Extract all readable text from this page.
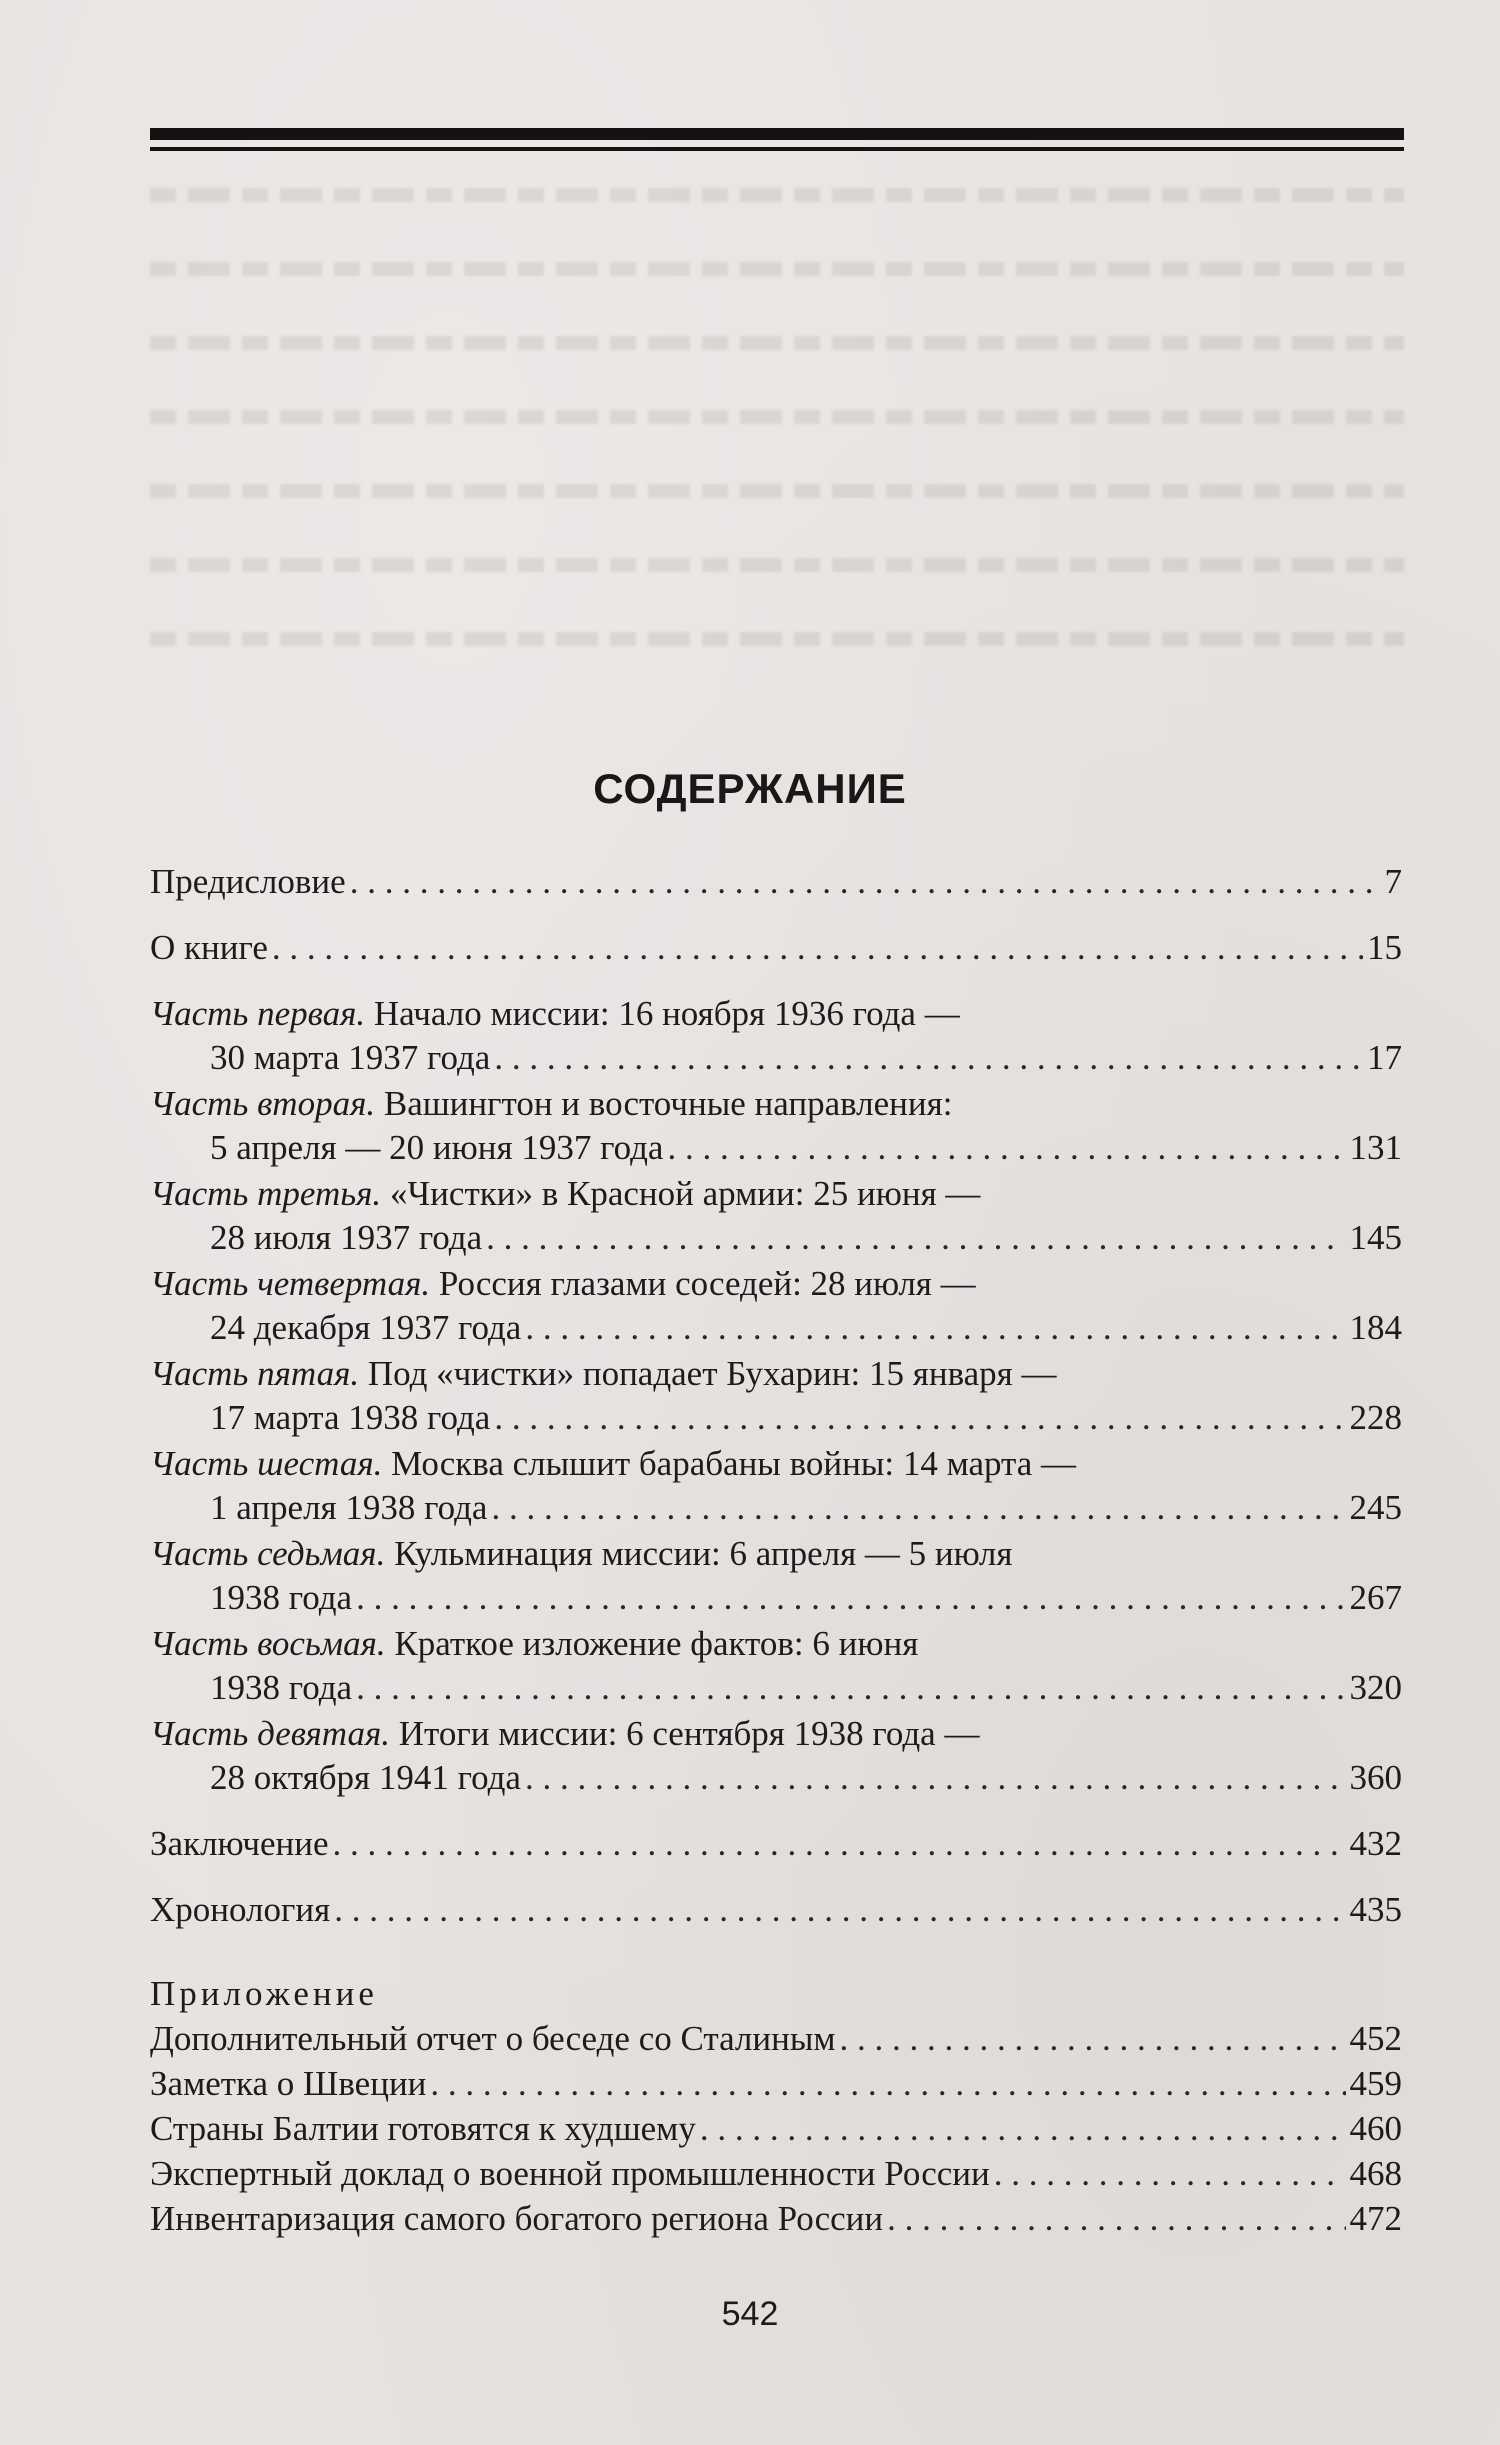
СОДЕРЖАНИЕ
Предисловие . . .	7
О книге . . .	15
Часть первая. Начало миссии: 16 ноября 1936 года —
30 марта 1937 года . . .	17
Часть вторая. Вашингтон и восточные направления:
5 апреля — 20 июня 1937 года . . .	131
Часть третья. «Чистки» в Красной армии: 25 июня —
28 июля 1937 года . . .	145
Часть четвертая. Россия глазами соседей: 28 июля —
24 декабря 1937 года . . .	184
Часть пятая. Под «чистки» попадает Бухарин: 15 января —
17 марта 1938 года . . .	228
Часть шестая. Москва слышит барабаны войны: 14 марта —
1 апреля 1938 года . . .	245
Часть седьмая. Кульминация миссии: 6 апреля — 5 июля
1938 года . . .	267
Часть восьмая. Краткое изложение фактов: 6 июня
1938 года . . .	320
Часть девятая. Итоги миссии: 6 сентября 1938 года —
28 октября 1941 года . . .	360
Заключение . . .	432
Хронология . . .	435
Приложение
Дополнительный отчет о беседе со Сталиным . . .	452
Заметка о Швеции . . .	459
Страны Балтии готовятся к худшему . . .	460
Экспертный доклад о военной промышленности России . . .	468
Инвентаризация самого богатого региона России . . .	472
542
